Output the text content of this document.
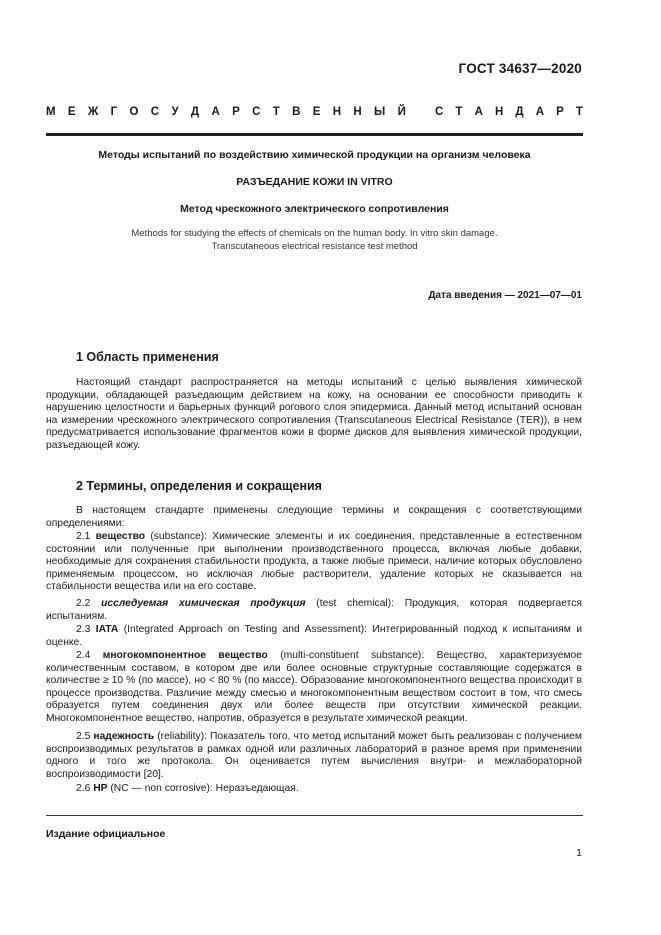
ГОСТ 34637—2020
М Е Ж Г О С У Д А Р С Т В Е Н Н Ы Й	С Т А Н Д А Р Т

Методы испытаний по воздействию химической продукции на организм человека

РАЗЪЕДАНИЕ КОЖИ IN VITRO

Метод чрескожного электрического сопротивления

Methods for studying the effects of chemicals on the human body. In vitro skin damage.
Transcutaneous electrical resistance test method

Дата введения — 2021—07—01
1 Область применения

Настоящий стандарт распространяется на методы испытаний с целью выявления химической продукции, обладающей разъедающим действием на кожу, на основании ее способности приводить к нарушению целостности и барьерных функций рогового слоя эпидермиса. Данный метод испытаний основан на измерении чрескожного электрического сопротивления (Transcutaneous Electrical Resistance (TER)), в нем предусматривается использование фрагментов кожи в форме дисков для выявления химической продукции, разъедающей кожу.

2 Термины, определения и сокращения

В настоящем стандарте применены следующие термины и сокращения с соответствующими определениями:

2.1 вещество (substance): Химические элементы и их соединения, представленные в естественном состоянии или полученные при выполнении производственного процесса, включая любые добавки, необходимые для сохранения стабильности продукта, а также любые примеси, наличие которых обусловлено применяемым процессом, но исключая любые растворители, удаление которых не сказывается на стабильности вещества или на его составе.

2.2 исследуемая химическая продукция (test chemical): Продукция, которая подвергается испытаниям.

2.3 IATA (Integrated Approach on Testing and Assessment): Интегрированный подход к испытаниям и оценке.

2.4 многокомпонентное вещество (multi-constituent substance): Вещество, характеризуемое количественным составом, в котором две или более основные структурные составляющие содержатся в количестве ≥ 10 % (по массе), но < 80 % (по массе). Образование многокомпонентного вещества происходит в процессе производства. Различие между смесью и многокомпонентным веществом состоит в том, что смесь образуется путем соединения двух или более веществ при отсутствии химической реакции. Многокомпонентное вещество, напротив, образуется в результате химической реакции.

2.5 надежность (reliability): Показатель того, что метод испытаний может быть реализован с получением воспроизводимых результатов в рамках одной или различных лабораторий в разное время при применении одного и того же протокола. Он оценивается путем вычисления внутри- и межлабораторной воспроизводимости [20].

2.6 НР (NC — non corrosive): Неразъедающая.

Издание официальное
1
